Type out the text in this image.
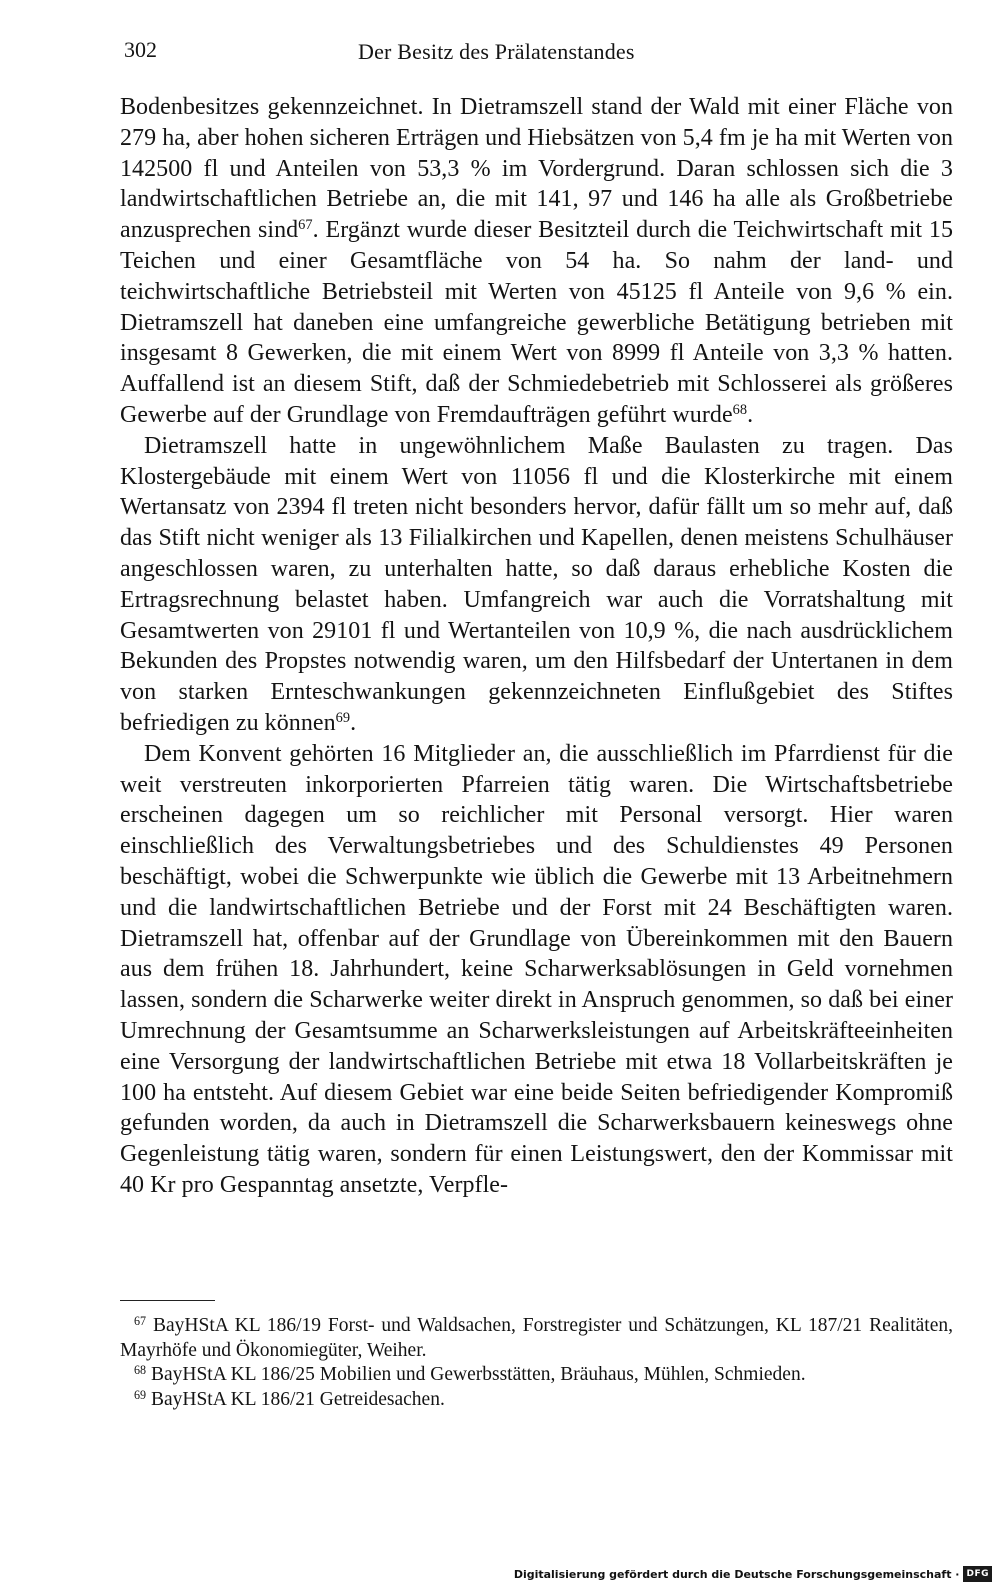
302	Der Besitz des Prälatenstandes

Bodenbesitzes gekennzeichnet. In Dietramszell stand der Wald mit einer Fläche von 279 ha, aber hohen sicheren Erträgen und Hiebsätzen von 5,4 fm je ha mit Werten von 142500 fl und Anteilen von 53,3 % im Vordergrund. Daran schlossen sich die 3 landwirtschaftlichen Betriebe an, die mit 141, 97 und 146 ha alle als Großbetriebe anzusprechen sind$^{67}$. Ergänzt wurde dieser Besitzteil durch die Teichwirtschaft mit 15 Teichen und einer Gesamtfläche von 54 ha. So nahm der land- und teichwirtschaftliche Betriebsteil mit Werten von 45125 fl Anteile von 9,6 % ein. Dietramszell hat daneben eine umfangreiche gewerbliche Betätigung betrieben mit insgesamt 8 Gewerken, die mit einem Wert von 8999 fl Anteile von 3,3 % hatten. Auffallend ist an diesem Stift, daß der Schmiedebetrieb mit Schlosserei als größeres Gewerbe auf der Grundlage von Fremdaufträgen geführt wurde$^{68}$.

Dietramszell hatte in ungewöhnlichem Maße Baulasten zu tragen. Das Klostergebäude mit einem Wert von 11056 fl und die Klosterkirche mit einem Wertansatz von 2394 fl treten nicht besonders hervor, dafür fällt um so mehr auf, daß das Stift nicht weniger als 13 Filialkirchen und Kapellen, denen meistens Schulhäuser angeschlossen waren, zu unterhalten hatte, so daß daraus erhebliche Kosten die Ertragsrechnung belastet haben. Umfangreich war auch die Vorratshaltung mit Gesamtwerten von 29101 fl und Wertanteilen von 10,9 %, die nach ausdrücklichem Bekunden des Propstes notwendig waren, um den Hilfsbedarf der Untertanen in dem von starken Ernteschwankungen gekennzeichneten Einflußgebiet des Stiftes befriedigen zu können$^{69}$.

Dem Konvent gehörten 16 Mitglieder an, die ausschließlich im Pfarrdienst für die weit verstreuten inkorporierten Pfarreien tätig waren. Die Wirtschaftsbetriebe erscheinen dagegen um so reichlicher mit Personal versorgt. Hier waren einschließlich des Verwaltungsbetriebes und des Schuldienstes 49 Personen beschäftigt, wobei die Schwerpunkte wie üblich die Gewerbe mit 13 Arbeitnehmern und die landwirtschaftlichen Betriebe und der Forst mit 24 Beschäftigten waren. Dietramszell hat, offenbar auf der Grundlage von Übereinkommen mit den Bauern aus dem frühen 18. Jahrhundert, keine Scharwerksablösungen in Geld vornehmen lassen, sondern die Scharwerke weiter direkt in Anspruch genommen, so daß bei einer Umrechnung der Gesamtsumme an Scharwerksleistungen auf Arbeitskräfteeinheiten eine Versorgung der landwirtschaftlichen Betriebe mit etwa 18 Vollarbeitskräften je 100 ha entsteht. Auf diesem Gebiet war eine beide Seiten befriedigender Kompromiß gefunden worden, da auch in Dietramszell die Scharwerksbauern keineswegs ohne Gegenleistung tätig waren, sondern für einen Leistungswert, den der Kommissar mit 40 Kr pro Gespanntag ansetzte, Verpfle-

$^{67}$ BayHStA KL 186/19 Forst- und Waldsachen, Forstregister und Schätzungen, KL 187/21 Realitäten, Mayrhöfe und Ökonomiegüter, Weiher.

$^{68}$ BayHStA KL 186/25 Mobilien und Gewerbsstätten, Bräuhaus, Mühlen, Schmieden.

$^{69}$ BayHStA KL 186/21 Getreidesachen.

Digitalisierung gefördert durch die Deutsche Forschungsgemeinschaft · DFG
